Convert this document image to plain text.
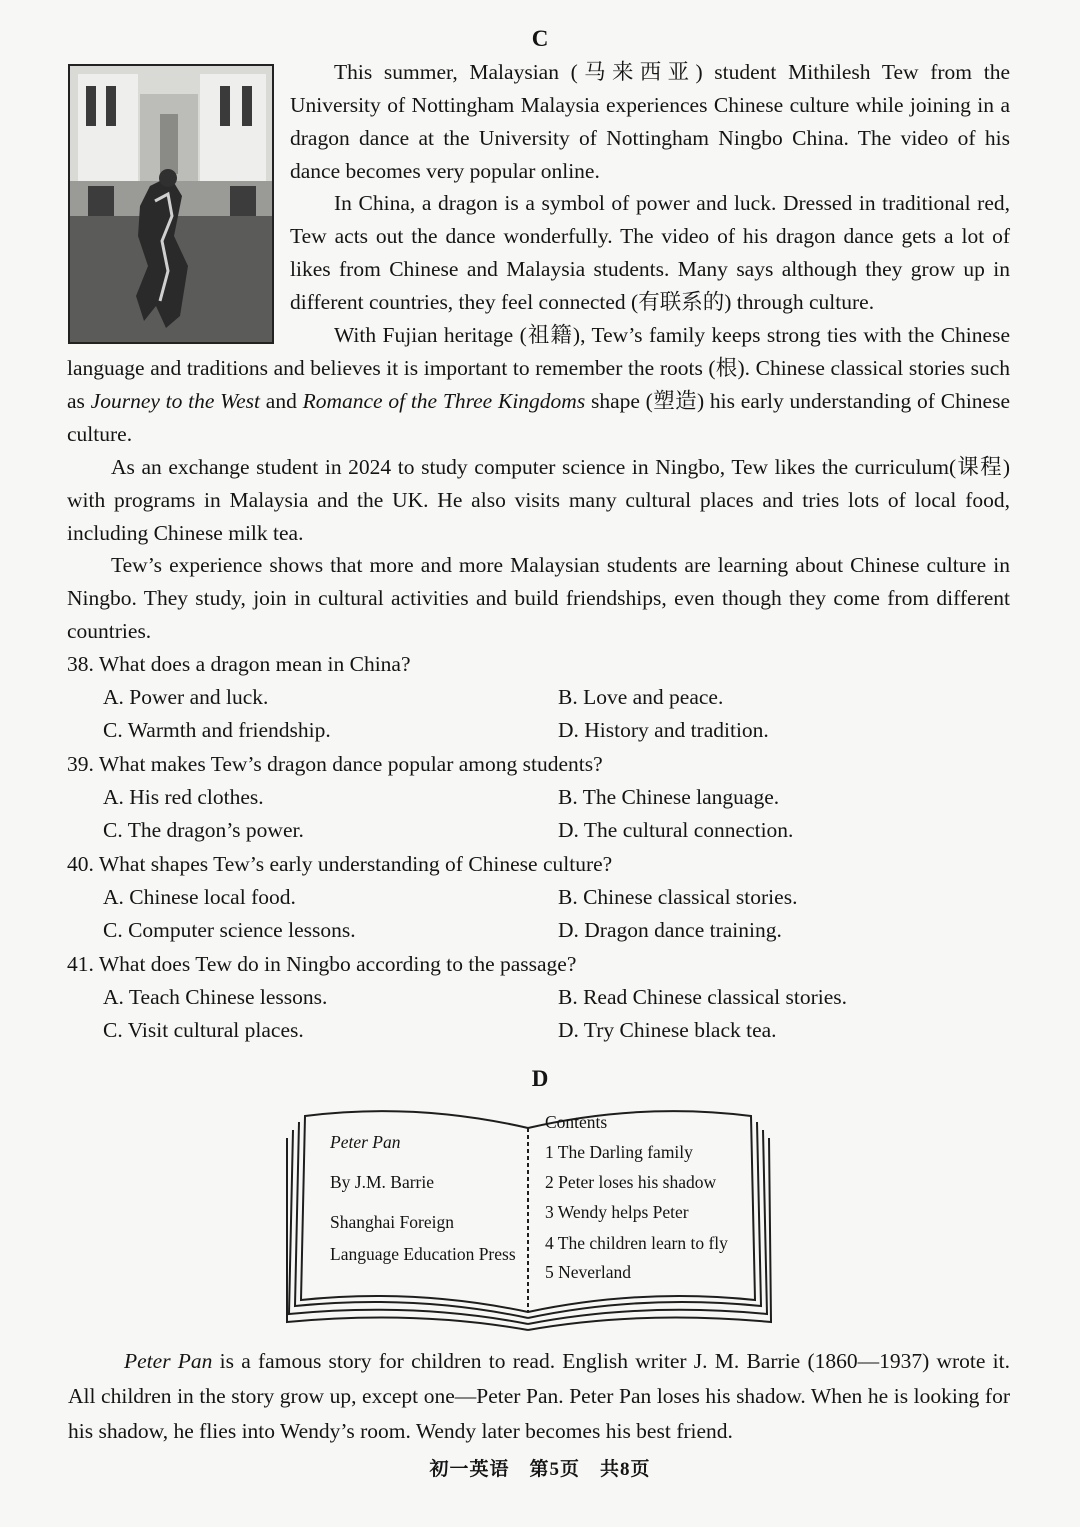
C

This summer, Malaysian (马来西亚) student Mithilesh Tew from the University of Nottingham Malaysia experiences Chinese culture while joining in a dragon dance at the University of Nottingham Ningbo China. The video of his dance becomes very popular online.

In China, a dragon is a symbol of power and luck. Dressed in traditional red, Tew acts out the dance wonderfully. The video of his dragon dance gets a lot of likes from Chinese and Malaysia students. Many says although they grow up in different countries, they feel connected (有联系的) through culture.

With Fujian heritage (祖籍), Tew’s family keeps strong ties with the Chinese language and traditions and believes it is important to remember the roots (根). Chinese classical stories such as Journey to the West and Romance of the Three Kingdoms shape (塑造) his early understanding of Chinese culture.

As an exchange student in 2024 to study computer science in Ningbo, Tew likes the curriculum(课程) with programs in Malaysia and the UK. He also visits many cultural places and tries lots of local food, including Chinese milk tea.

Tew’s experience shows that more and more Malaysian students are learning about Chinese culture in Ningbo. They study, join in cultural activities and build friendships, even though they come from different countries.

38. What does a dragon mean in China?
A. Power and luck.	B. Love and peace.
C. Warmth and friendship.	D. History and tradition.
39. What makes Tew’s dragon dance popular among students?
A. His red clothes.	B. The Chinese language.
C. The dragon’s power.	D. The cultural connection.
40. What shapes Tew’s early understanding of Chinese culture?
A. Chinese local food.	B. Chinese classical stories.
C. Computer science lessons.	D. Dragon dance training.
41. What does Tew do in Ningbo according to the passage?
A. Teach Chinese lessons.	B. Read Chinese classical stories.
C. Visit cultural places.	D. Try Chinese black tea.
D
Peter Pan
By J.M. Barrie
Shanghai Foreign
Language Education Press
Contents
1 The Darling family
2 Peter loses his shadow
3 Wendy helps Peter
4 The children learn to fly
5 Neverland

Peter Pan is a famous story for children to read. English writer J. M. Barrie (1860—1937) wrote it. All children in the story grow up, except one—Peter Pan. Peter Pan loses his shadow. When he is looking for his shadow, he flies into Wendy’s room. Wendy later becomes his best friend.

初一英语　第5页　共8页
